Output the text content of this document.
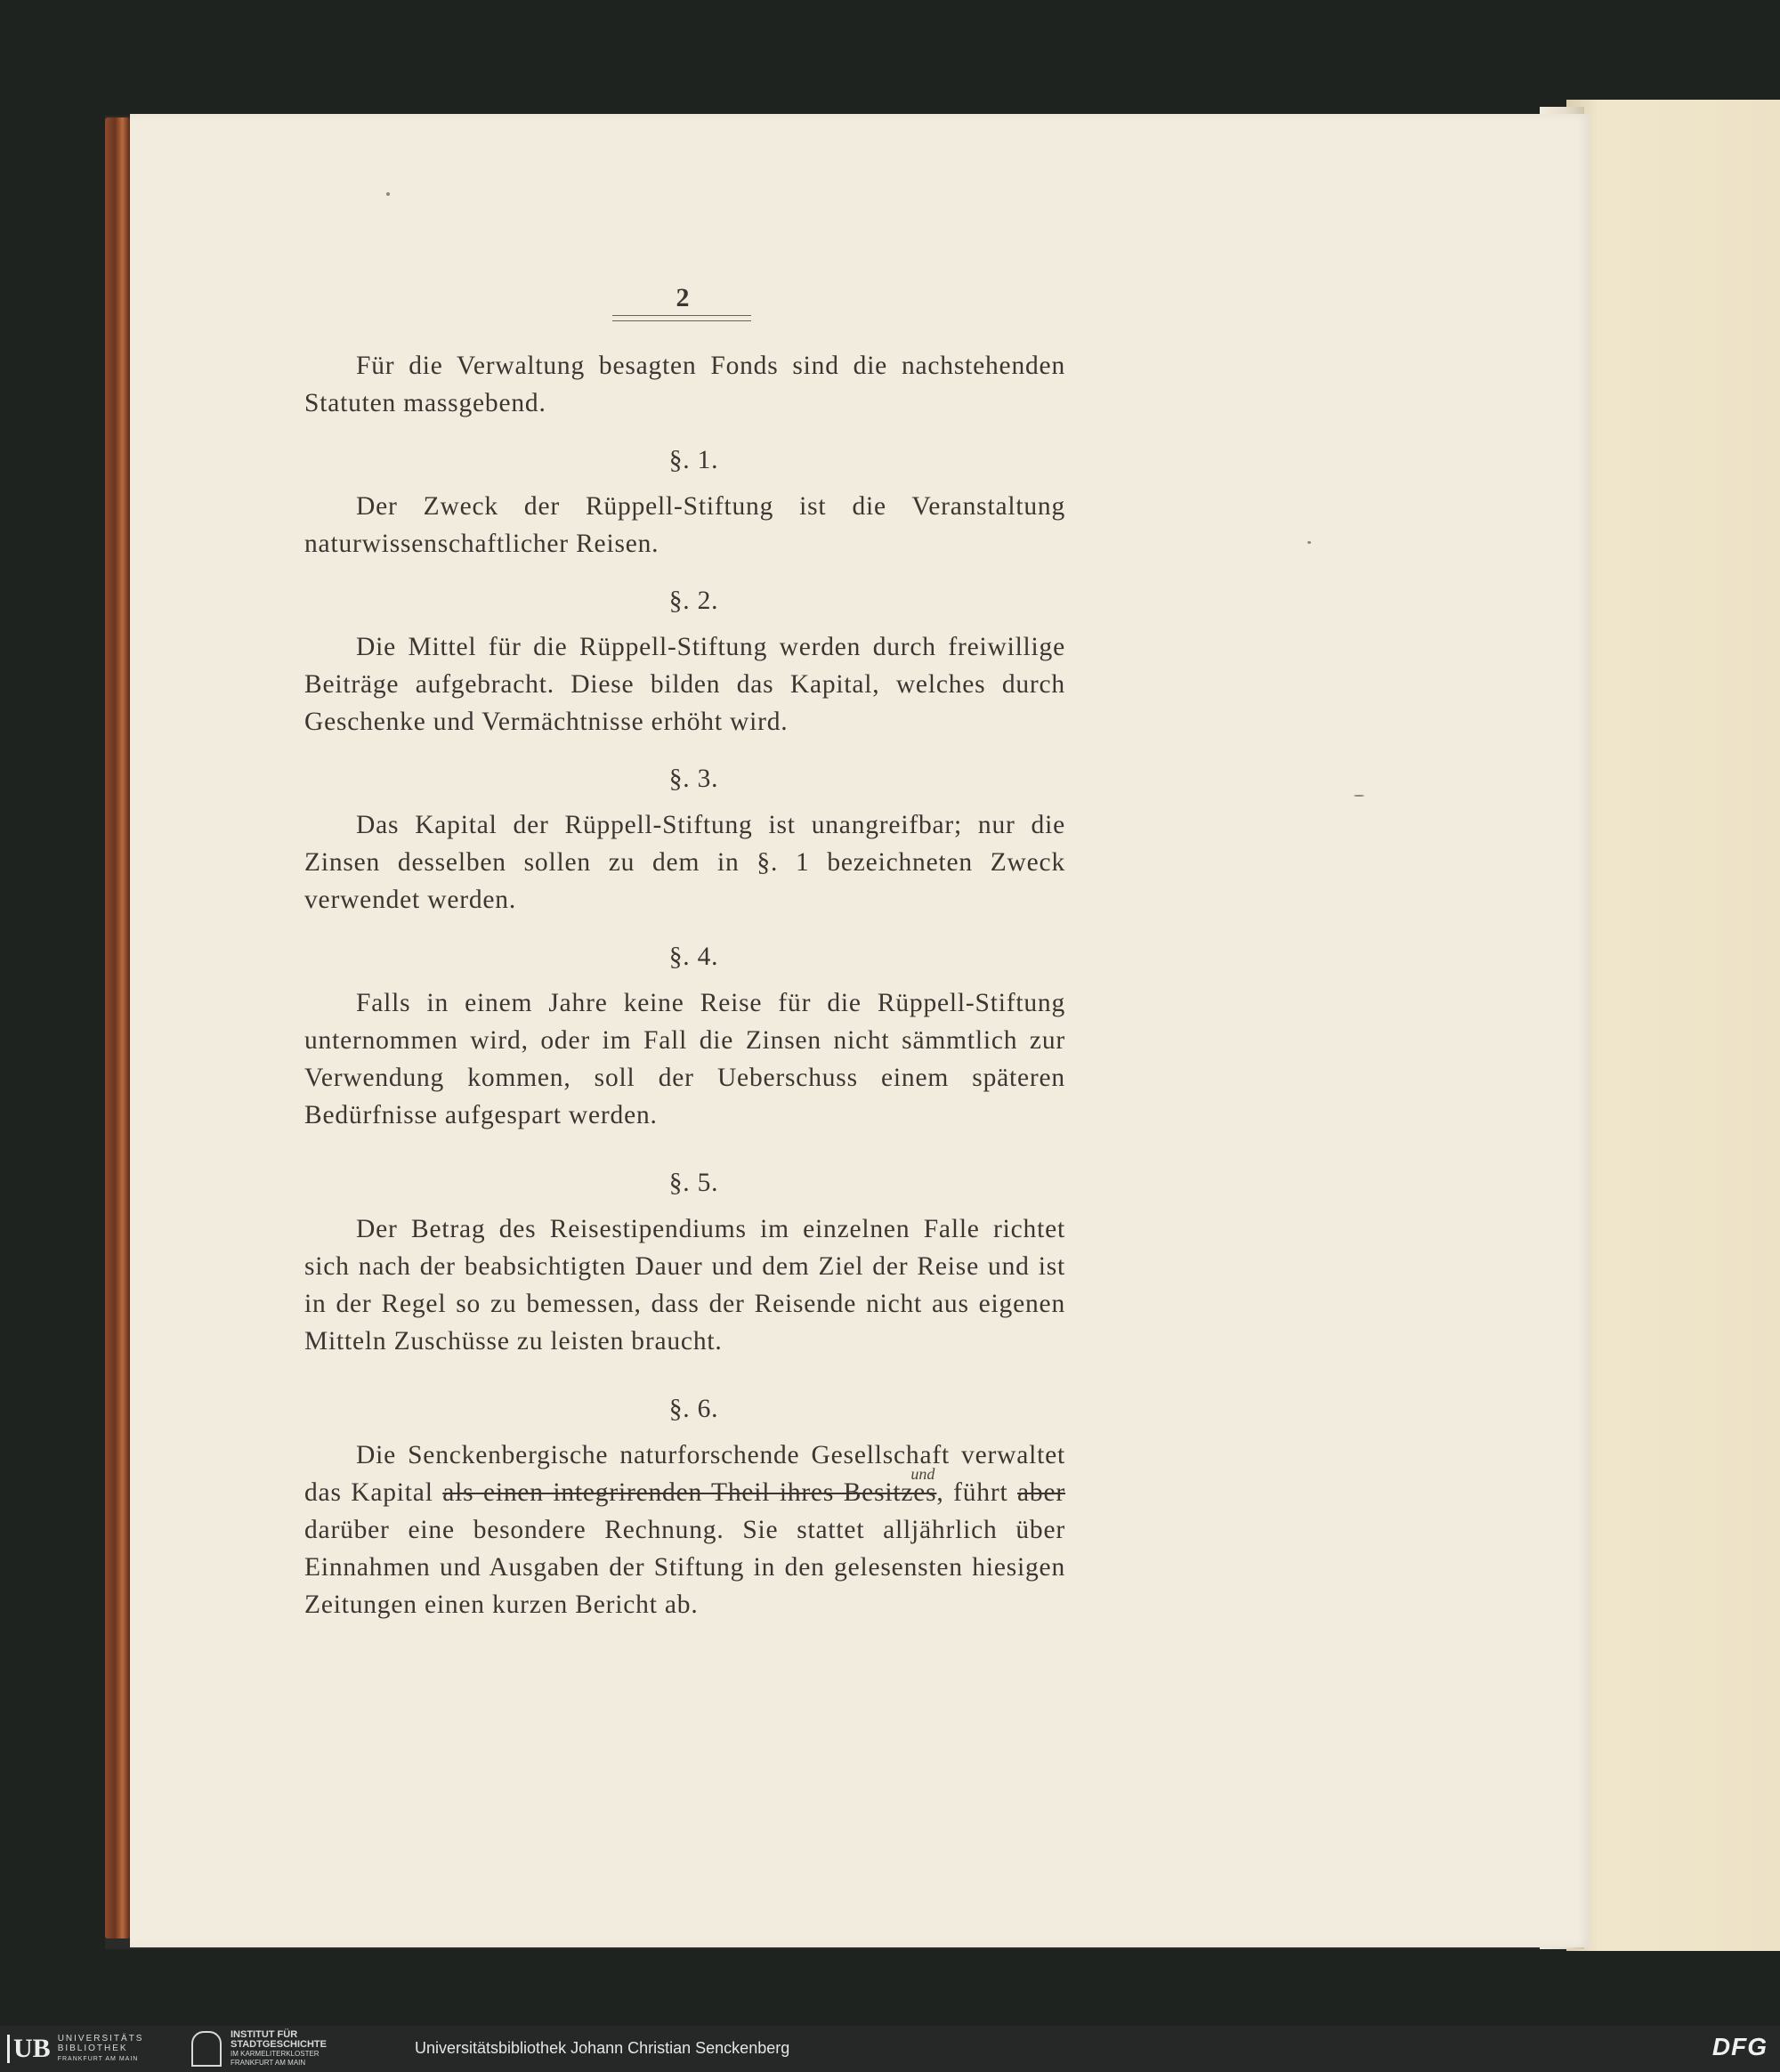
2

Für die Verwaltung besagten Fonds sind die nachstehenden Statuten massgebend.

§. 1.

Der Zweck der Rüppell-Stiftung ist die Veranstaltung naturwissenschaftlicher Reisen.

§. 2.

Die Mittel für die Rüppell-Stiftung werden durch freiwillige Beiträge aufgebracht. Diese bilden das Kapital, welches durch Geschenke und Vermächtnisse erhöht wird.

§. 3.

Das Kapital der Rüppell-Stiftung ist unangreifbar; nur die Zinsen desselben sollen zu dem in §. 1 bezeichneten Zweck verwendet werden.

§. 4.

Falls in einem Jahre keine Reise für die Rüppell-Stiftung unternommen wird, oder im Fall die Zinsen nicht sämmtlich zur Verwendung kommen, soll der Ueberschuss einem späteren Bedürfnisse aufgespart werden.

§. 5.

Der Betrag des Reisestipendiums im einzelnen Falle richtet sich nach der beabsichtigten Dauer und dem Ziel der Reise und ist in der Regel so zu bemessen, dass der Reisende nicht aus eigenen Mitteln Zuschüsse zu leisten braucht.

§. 6.

Die Senckenbergische naturforschende Gesellschaft verwaltet das Kapital als einen integrirenden Theil ihres Besitzes
und
, führt aber darüber eine besondere Rechnung. Sie stattet alljährlich über Einnahmen und Ausgaben der Stiftung in den gelesensten hiesigen Zeitungen einen kurzen Bericht ab.

UB UNIVERSITÄTS
BIBLIOTHEK
FRANKFURT AM MAIN
INSTITUT FÜR
STADTGESCHICHTE
IM KARMELITERKLOSTER
FRANKFURT AM MAIN
Universitätsbibliothek Johann Christian Senckenberg	DFG
